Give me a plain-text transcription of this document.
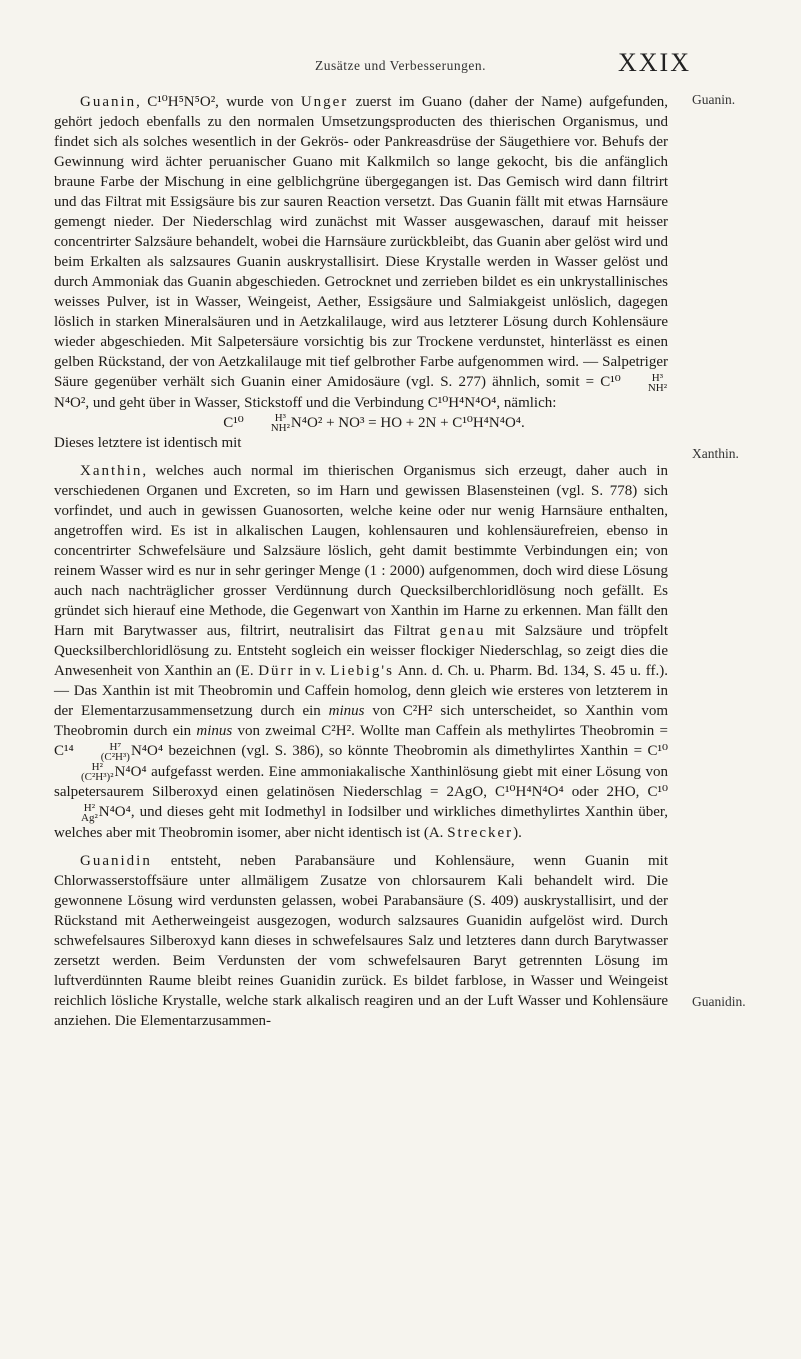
Zusätze und Verbesserungen.	XXIX
Guanin.
Xanthin.
Guanidin.

Guanin, C¹⁰H⁵N⁵O², wurde von Unger zuerst im Guano (daher der Name) aufgefunden, gehört jedoch ebenfalls zu den normalen Umsetzungsproducten des thierischen Organismus, und findet sich als solches wesentlich in der Gekrös- oder Pankreasdrüse der Säugethiere vor. Behufs der Gewinnung wird ächter peruanischer Guano mit Kalkmilch so lange gekocht, bis die anfänglich braune Farbe der Mischung in eine gelblichgrüne übergegangen ist. Das Gemisch wird dann filtrirt und das Filtrat mit Essigsäure bis zur sauren Reaction versetzt. Das Guanin fällt mit etwas Harnsäure gemengt nieder. Der Niederschlag wird zunächst mit Wasser ausgewaschen, darauf mit heisser concentrirter Salzsäure behandelt, wobei die Harnsäure zurückbleibt, das Guanin aber gelöst wird und beim Erkalten als salzsaures Guanin auskrystallisirt. Diese Krystalle werden in Wasser gelöst und durch Ammoniak das Guanin abgeschieden. Getrocknet und zerrieben bildet es ein unkrystallinisches weisses Pulver, ist in Wasser, Weingeist, Aether, Essigsäure und Salmiakgeist unlöslich, dagegen löslich in starken Mineralsäuren und in Aetzkalilauge, wird aus letzterer Lösung durch Kohlensäure wieder abgeschieden. Mit Salpetersäure vorsichtig bis zur Trockene verdunstet, hinterlässt es einen gelben Rückstand, der von Aetzkalilauge mit tief gelbrother Farbe aufgenommen wird. — Salpetriger Säure gegenüber verhält sich Guanin einer Amidosäure (vgl. S. 277) ähnlich, somit = C¹⁰	H³
NH²
N⁴O², und geht über in Wasser, Stickstoff und die Verbindung C¹⁰H⁴N⁴O⁴, nämlich:

C¹⁰	H³
NH² N⁴O² + NO³ = HO + 2N + C¹⁰H⁴N⁴O⁴.

Dieses letztere ist identisch mit

Xanthin, welches auch normal im thierischen Organismus sich erzeugt, daher auch in verschiedenen Organen und Excreten, so im Harn und gewissen Blasensteinen (vgl. S. 778) sich vorfindet, und auch in gewissen Guanosorten, welche keine oder nur wenig Harnsäure enthalten, angetroffen wird. Es ist in alkalischen Laugen, kohlensauren und kohlensäurefreien, ebenso in concentrirter Schwefelsäure und Salzsäure löslich, geht damit bestimmte Verbindungen ein; von reinem Wasser wird es nur in sehr geringer Menge (1 : 2000) aufgenommen, doch wird diese Lösung auch nach nachträglicher grosser Verdünnung durch Quecksilberchloridlösung noch gefällt. Es gründet sich hierauf eine Methode, die Gegenwart von Xanthin im Harne zu erkennen. Man fällt den Harn mit Barytwasser aus, filtrirt, neutralisirt das Filtrat genau mit Salzsäure und tröpfelt Quecksilberchloridlösung zu. Entsteht sogleich ein weisser flockiger Niederschlag, so zeigt dies die Anwesenheit von Xanthin an (E. Dürr in v. Liebig's Ann. d. Ch. u. Pharm. Bd. 134, S. 45 u. ff.). — Das Xanthin ist mit Theobromin und Caffein homolog, denn gleich wie ersteres von letzterem in der Elementarzusammensetzung durch ein minus von C²H² sich unterscheidet, so Xanthin vom Theobromin durch ein minus von zweimal C²H². Wollte man Caffein als methylirtes Theobromin = C¹⁴	H⁷
(C²H³) N⁴O⁴ bezeichnen (vgl. S. 386), so könnte Theobromin als dimethylirtes Xanthin = C¹⁰
H²
(C²H³)² N⁴O⁴ aufgefasst werden. Eine ammoniakalische Xanthinlösung giebt mit einer Lösung von salpetersaurem Silberoxyd einen gelatinösen Niederschlag = 2AgO, C¹⁰H⁴N⁴O⁴ oder 2HO, C¹⁰
H²
Ag² N⁴O⁴, und dieses geht mit Iodmethyl in Iodsilber und wirkliches dimethylirtes Xanthin über, welches aber mit Theobromin isomer, aber nicht identisch ist (A. Strecker).

Guanidin entsteht, neben Parabansäure und Kohlensäure, wenn Guanin mit Chlorwasserstoffsäure unter allmäligem Zusatze von chlorsaurem Kali behandelt wird. Die gewonnene Lösung wird verdunsten gelassen, wobei Parabansäure (S. 409) auskrystallisirt, und der Rückstand mit Aetherweingeist ausgezogen, wodurch salzsaures Guanidin aufgelöst wird. Durch schwefelsaures Silberoxyd kann dieses in schwefelsaures Salz und letzteres dann durch Barytwasser zersetzt werden. Beim Verdunsten der vom schwefelsauren Baryt getrennten Lösung im luftverdünnten Raume bleibt reines Guanidin zurück. Es bildet farblose, in Wasser und Weingeist reichlich lösliche Krystalle, welche stark alkalisch reagiren und an der Luft Wasser und Kohlensäure anziehen. Die Elementarzusammen-
